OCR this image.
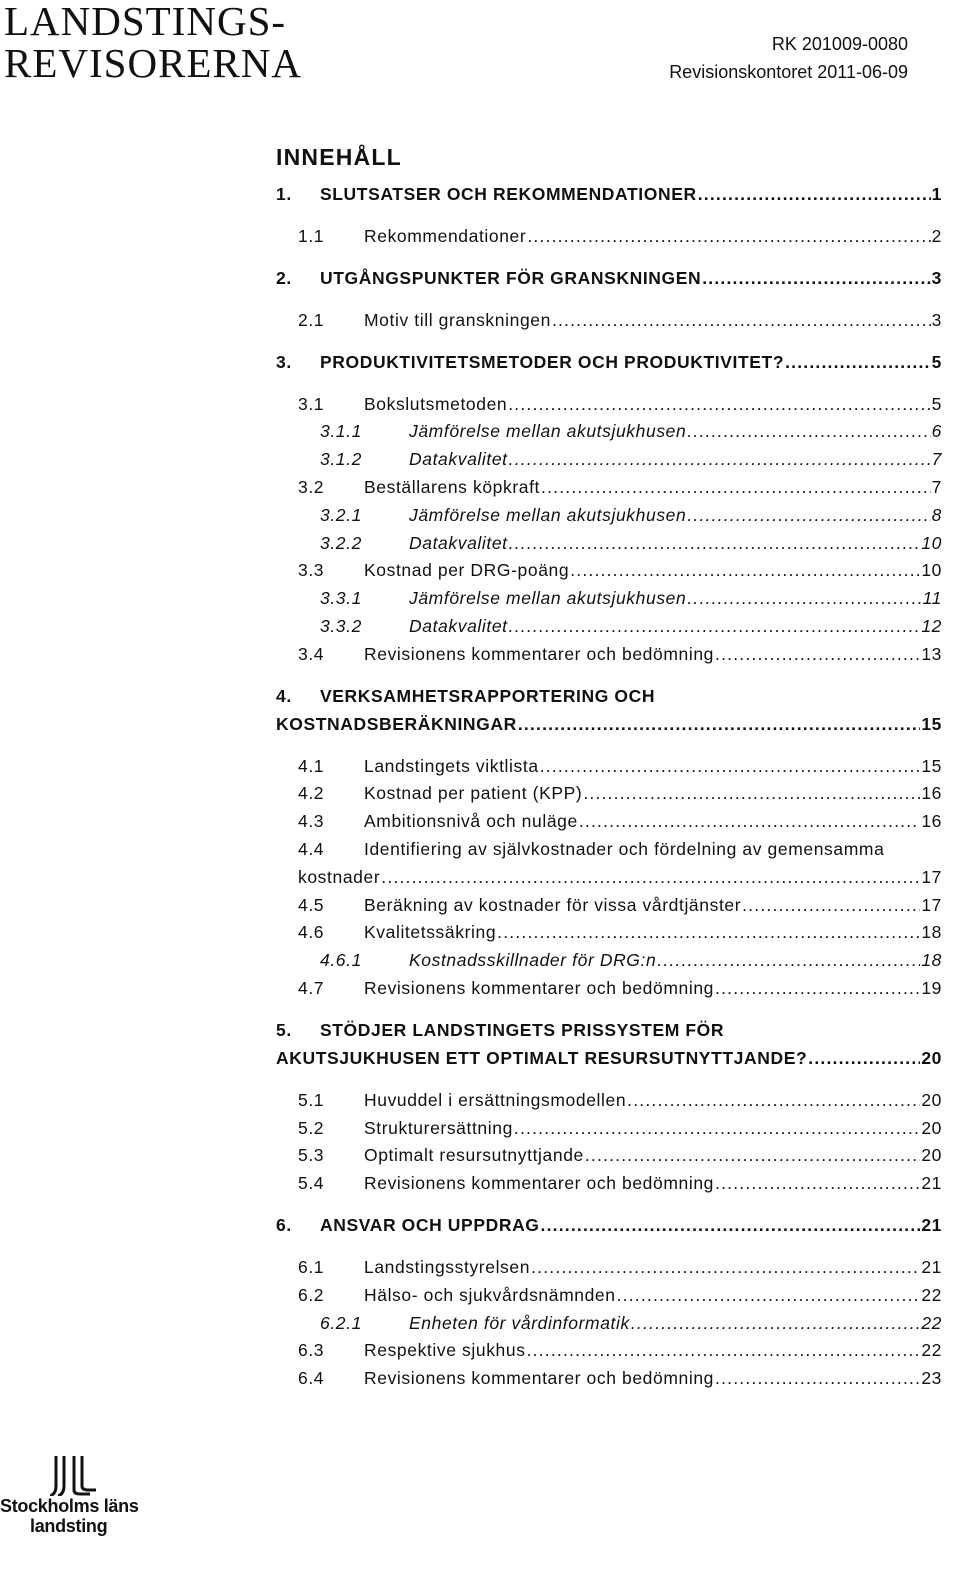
LANDSTINGS-
REVISORERNA	RK 201009-0080
Revisionskontoret 2011-06-09
INNEHÅLL
1.	SLUTSATSER OCH REKOMMENDATIONER .....	1
1.1	Rekommendationer .....	2
2.	UTGÅNGSPUNKTER FÖR GRANSKNINGEN .....	3
2.1	Motiv till granskningen .....	3
3.	PRODUKTIVITETSMETODER OCH PRODUKTIVITET? .....	5
3.1	Bokslutsmetoden .....	5
3.1.1	Jämförelse mellan akutsjukhusen .....	6
3.1.2	Datakvalitet .....	7
3.2	Beställarens köpkraft .....	7
3.2.1	Jämförelse mellan akutsjukhusen .....	8
3.2.2	Datakvalitet .....	10
3.3	Kostnad per DRG-poäng .....	10
3.3.1	Jämförelse mellan akutsjukhusen .....	11
3.3.2	Datakvalitet .....	12
3.4	Revisionens kommentarer och bedömning .....	13
4.	VERKSAMHETSRAPPORTERING OCH
KOSTNADSBERÄKNINGAR .....	15
4.1	Landstingets viktlista .....	15
4.2	Kostnad per patient (KPP) .....	16
4.3	Ambitionsnivå och nuläge .....	16
4.4	Identifiering av självkostnader och fördelning av gemensamma
kostnader .....	17
4.5	Beräkning av kostnader för vissa vårdtjänster .....	17
4.6	Kvalitetssäkring .....	18
4.6.1	Kostnadsskillnader för DRG:n .....	18
4.7	Revisionens kommentarer och bedömning .....	19
5.	STÖDJER LANDSTINGETS PRISSYSTEM FÖR
AKUTSJUKHUSEN ETT OPTIMALT RESURSUTNYTTJANDE? .....	20
5.1	Huvuddel i ersättningsmodellen .....	20
5.2	Strukturersättning .....	20
5.3	Optimalt resursutnyttjande .....	20
5.4	Revisionens kommentarer och bedömning .....	21
6.	ANSVAR OCH UPPDRAG .....	21
6.1	Landstingsstyrelsen .....	21
6.2	Hälso- och sjukvårdsnämnden .....	22
6.2.1	Enheten för vårdinformatik .....	22
6.3	Respektive sjukhus .....	22
6.4	Revisionens kommentarer och bedömning .....	23
Stockholms läns
landsting
